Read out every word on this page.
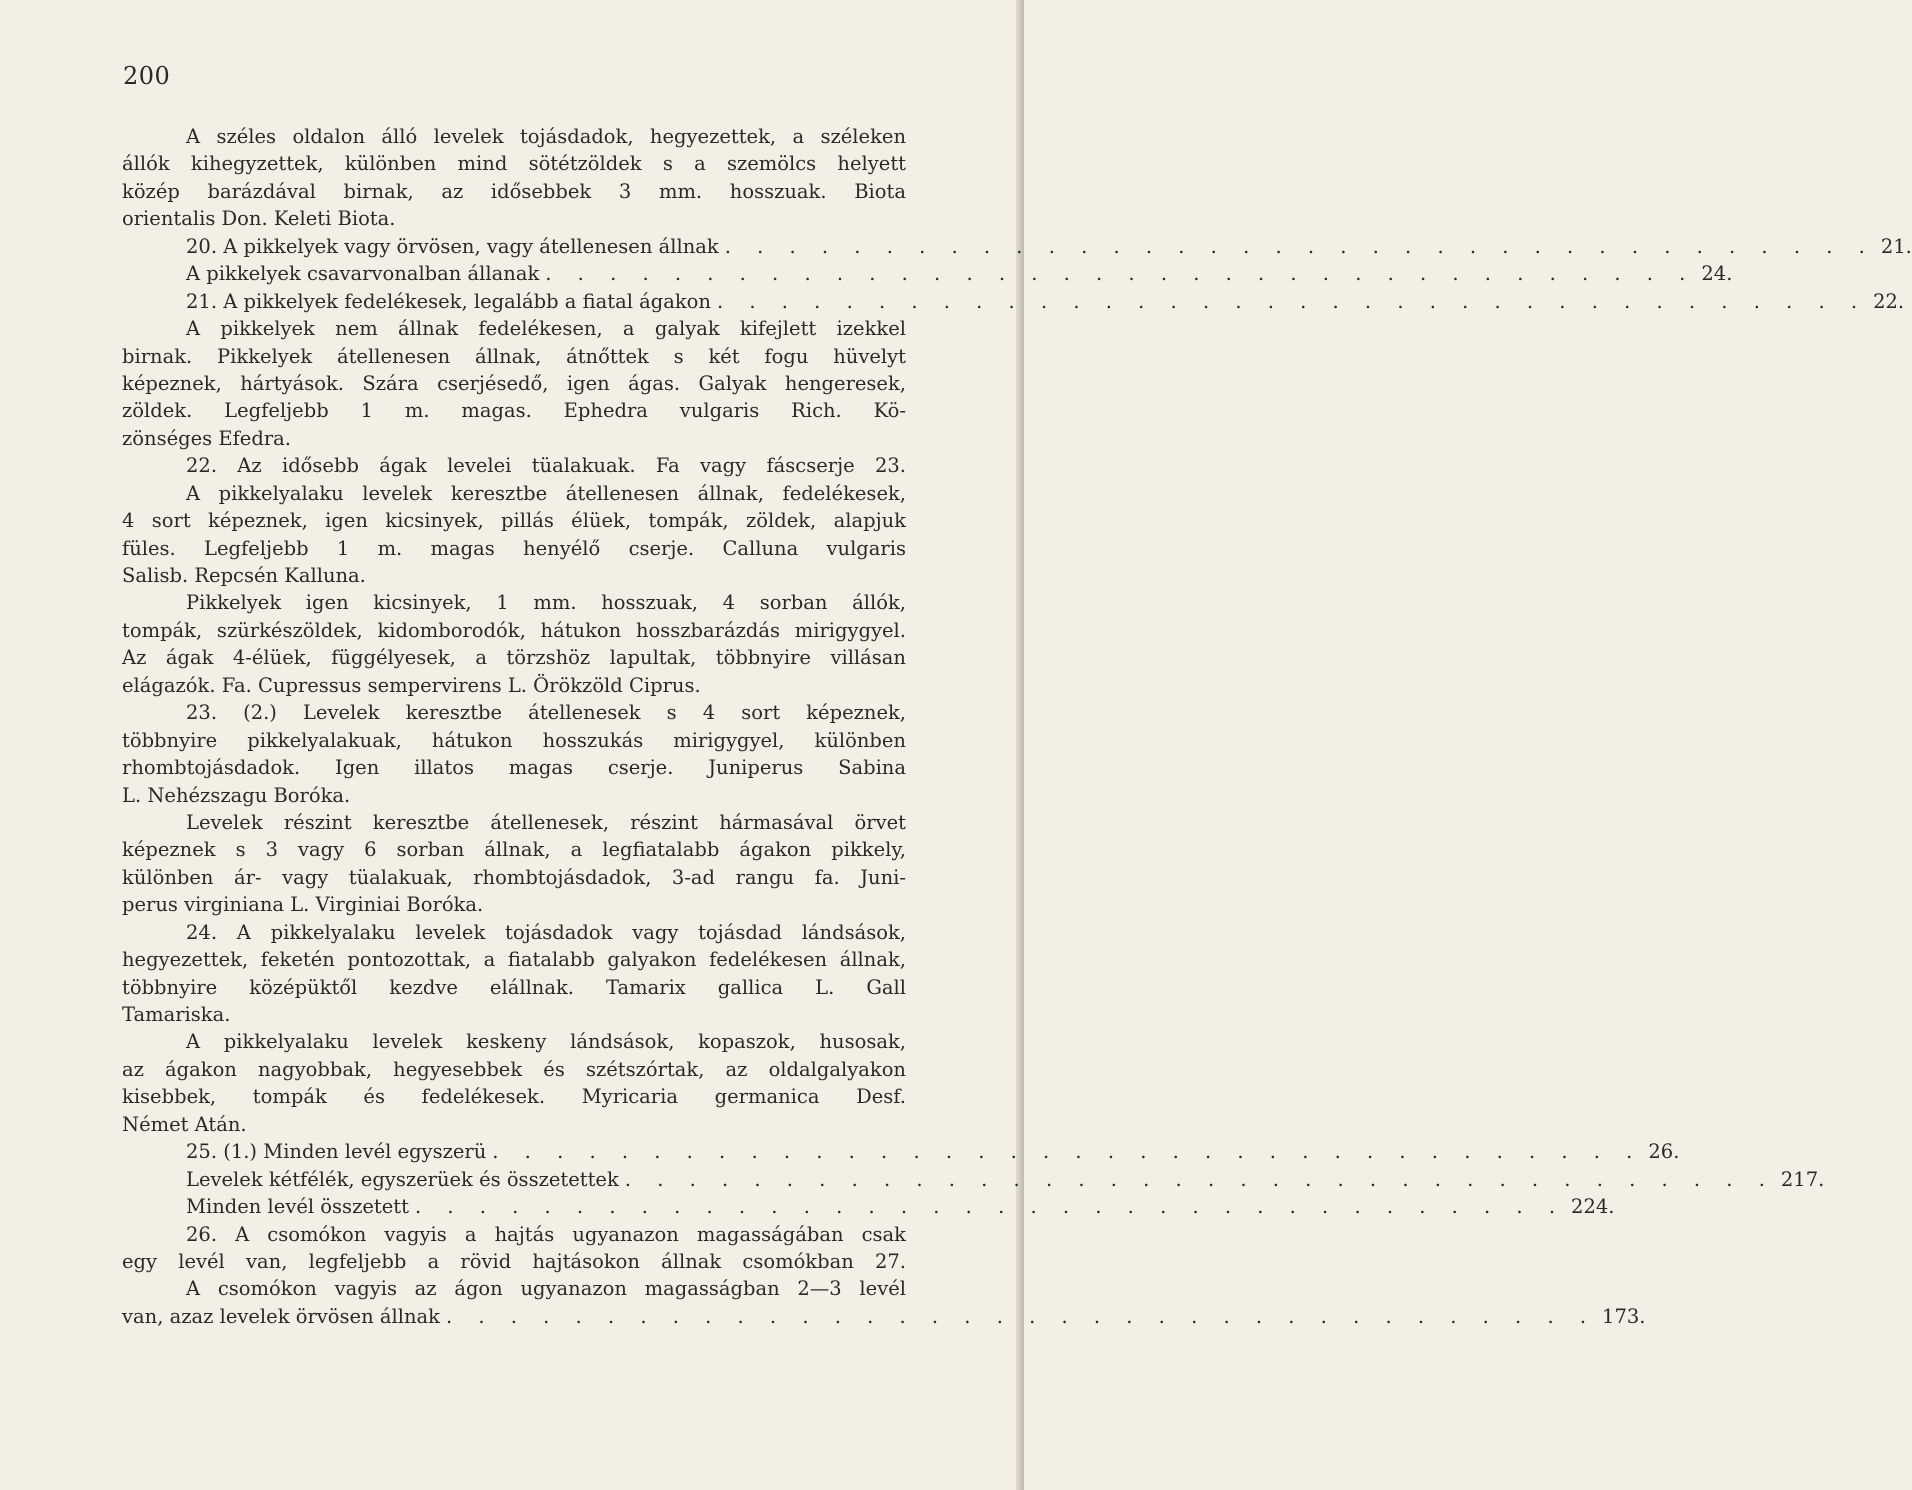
200
A széles oldalon álló levelek tojásdadok, hegyezettek, a széleken
állók kihegyzettek, különben mind sötétzöldek s a szemölcs helyett
közép barázdával birnak, az idősebbek 3 mm. hosszuak. Biota
orientalis Don. Keleti Biota.
20. A pikkelyek vagy örvösen, vagy átellenesen állnak . . . . . . . . . . . . . . . . . . . . . . . . . . . . . . . . . . . . 21.
A pikkelyek csavarvonalban állanak . . . . . . . . . . . . . . . . . . . . . . . . . . . . . . . . . . . . 24.
21. A pikkelyek fedelékesek, legalább a fiatal ágakon . . . . . . . . . . . . . . . . . . . . . . . . . . . . . . . . . . . . 22.
A pikkelyek nem állnak fedelékesen, a galyak kifejlett izekkel
birnak. Pikkelyek átellenesen állnak, átnőttek s két fogu hüvelyt
képeznek, hártyások. Szára cserjésedő, igen ágas. Galyak hengeresek,
zöldek. Legfeljebb 1 m. magas. Ephedra vulgaris Rich. Kö-
zönséges Efedra.
22. Az idősebb ágak levelei tüalakuak. Fa vagy fáscserje 23.
A pikkelyalaku levelek keresztbe átellenesen állnak, fedelékesek,
4 sort képeznek, igen kicsinyek, pillás élüek, tompák, zöldek, alapjuk
füles. Legfeljebb 1 m. magas henyélő cserje. Calluna vulgaris
Salisb. Repcsén Kalluna.
Pikkelyek igen kicsinyek, 1 mm. hosszuak, 4 sorban állók,
tompák, szürkészöldek, kidomborodók, hátukon hosszbarázdás mirigygyel.
Az ágak 4-élüek, függélyesek, a törzshöz lapultak, többnyire villásan
elágazók. Fa. Cupressus sempervirens L. Örökzöld Ciprus.
23. (2.) Levelek keresztbe átellenesek s 4 sort képeznek,
többnyire pikkelyalakuak, hátukon hosszukás mirigygyel, különben
rhombtojásdadok. Igen illatos magas cserje. Juniperus Sabina
L. Nehézszagu Boróka.
Levelek részint keresztbe átellenesek, részint hármasával örvet
képeznek s 3 vagy 6 sorban állnak, a legfiatalabb ágakon pikkely,
különben ár- vagy tüalakuak, rhombtojásdadok, 3-ad rangu fa. Juni-
perus virginiana L. Virginiai Boróka.
24. A pikkelyalaku levelek tojásdadok vagy tojásdad lándsások,
hegyezettek, feketén pontozottak, a fiatalabb galyakon fedelékesen állnak,
többnyire középüktől kezdve elállnak. Tamarix gallica L. Gall
Tamariska.
A pikkelyalaku levelek keskeny lándsások, kopaszok, husosak,
az ágakon nagyobbak, hegyesebbek és szétszórtak, az oldalgalyakon
kisebbek, tompák és fedelékesek. Myricaria germanica Desf.
Német Atán.
25. (1.) Minden levél egyszerü . . . . . . . . . . . . . . . . . . . . . . . . . . . . . . . . . . . . 26.
Levelek kétfélék, egyszerüek és összetettek . . . . . . . . . . . . . . . . . . . . . . . . . . . . . . . . . . . . 217.
Minden levél összetett . . . . . . . . . . . . . . . . . . . . . . . . . . . . . . . . . . . . 224.
26. A csomókon vagyis a hajtás ugyanazon magasságában csak
egy levél van, legfeljebb a rövid hajtásokon állnak csomókban 27.
A csomókon vagyis az ágon ugyanazon magasságban 2—3 levél
van, azaz levelek örvösen állnak . . . . . . . . . . . . . . . . . . . . . . . . . . . . . . . . . . . . 173.
